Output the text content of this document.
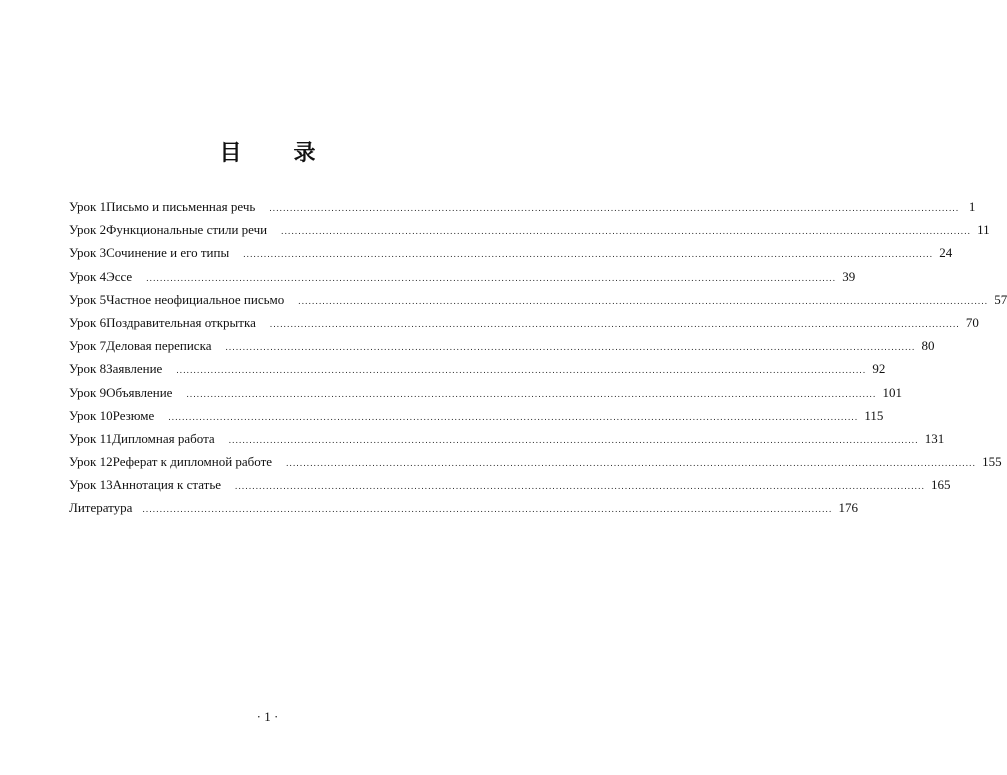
目 录
Урок 1 Письмо и письменная речь ........................................................................................................................................................................................................ 1
Урок 2 Функциональные стили речи ........................................................................................................................................................................................................ 11
Урок 3 Сочинение и его типы ........................................................................................................................................................................................................ 24
Урок 4 Эссе ........................................................................................................................................................................................................ 39
Урок 5 Частное неофициальное письмо ........................................................................................................................................................................................................ 57
Урок 6 Поздравительная открытка ........................................................................................................................................................................................................ 70
Урок 7 Деловая переписка ........................................................................................................................................................................................................ 80
Урок 8 Заявление ........................................................................................................................................................................................................ 92
Урок 9 Объявление ........................................................................................................................................................................................................ 101
Урок 10 Резюме ........................................................................................................................................................................................................ 115
Урок 11 Дипломная работа ........................................................................................................................................................................................................ 131
Урок 12 Реферат к дипломной работе ........................................................................................................................................................................................................ 155
Урок 13 Аннотация к статье ........................................................................................................................................................................................................ 165
Литература ........................................................................................................................................................................................................ 176
· 1 ·
